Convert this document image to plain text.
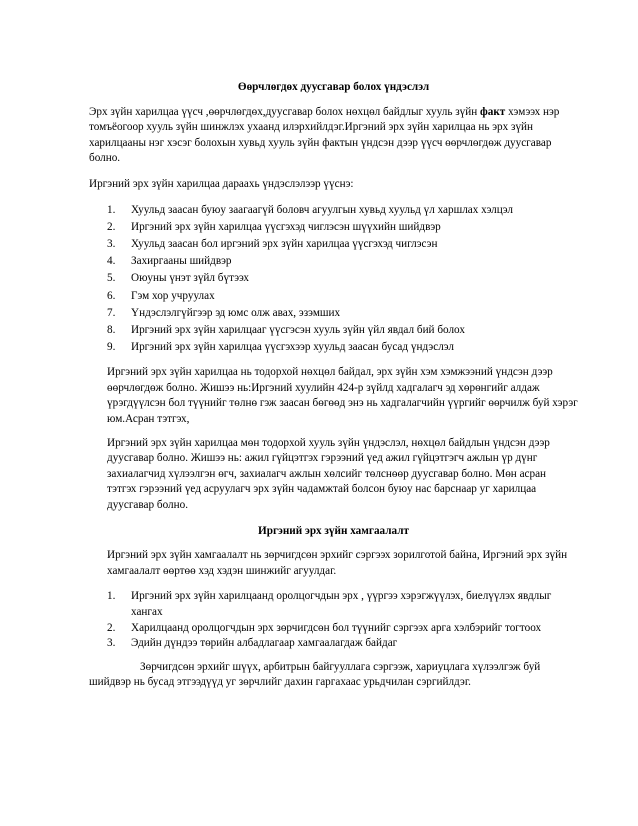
Өөрчлөгдөх дуусгавар болох үндэслэл

Эрх зүйн харилцаа үүсч ,өөрчлөгдөх,дуусгавар болох нөхцөл байдлыг хууль зүйн факт хэмээх нэр томъёогоор хууль зүйн шинжлэх ухаанд илэрхийлдэг.Иргэний эрх зүйн харилцаа нь эрх зүйн харилцааны нэг хэсэг болохын хувьд хууль зүйн фактын үндсэн дээр үүсч өөрчлөгдөж дуусгавар болно.

Иргэний эрх зүйн харилцаа дараахь үндэслэлээр үүснэ:

1.	Хуульд заасан буюу заагаагүй боловч агуулгын хувьд хуульд үл харшлах хэлцэл
2.	Иргэний эрх зүйн харилцаа үүсгэхэд чиглэсэн шүүхийн шийдвэр
3.	Хуульд заасан бол иргэний эрх зүйн харилцаа үүсгэхэд чиглэсэн
4.	Захиргааны шийдвэр
5.	Оюуны үнэт зүйл бүтээх
6.	Гэм хор учруулах
7.	Үндэслэлгүйгээр эд юмс олж авах, эзэмших
8.	Иргэний эрх зүйн харилцааг үүсгэсэн хууль зүйн үйл явдал бий болох
9.	Иргэний эрх зүйн харилцаа үүсгэхээр хуульд заасан бусад үндэслэл

Иргэний эрх зүйн харилцаа нь тодорхой нөхцөл байдал, эрх зүйн хэм хэмжээний үндсэн дээр өөрчлөгдөж болно. Жишээ нь:Иргэний хуулийн 424-р зүйлд хадгалагч эд хөрөнгийг алдаж үрэгдүүлсэн бол түүнийг төлнө гэж заасан бөгөөд энэ нь хадгалагчийн үүргийг өөрчилж буй хэрэг юм.Асран тэтгэх,

Иргэний эрх зүйн харилцаа мөн тодорхой хууль зүйн үндэслэл, нөхцөл байдлын үндсэн дээр дуусгавар болно. Жишээ нь: ажил гүйцэтгэх гэрээний үед ажил гүйцэтгэгч ажлын үр дүнг захиалагчид хүлээлгэн өгч, захиалагч ажлын хөлсийг төлснөөр дуусгавар болно. Мөн асран тэтгэх гэрээний үед асруулагч эрх зүйн чадамжтай болсон буюу нас барснаар уг харилцаа дуусгавар болно.

Иргэний эрх зүйн хамгаалалт

Иргэний эрх зүйн хамгаалалт нь зөрчигдсөн эрхийг сэргээх зорилготой байна, Иргэний эрх зүйн хамгаалалт өөртөө хэд хэдэн шинжийг агуулдаг.

1.	Иргэний эрх зүйн харилцаанд оролцогчдын эрх , үүргээ хэрэгжүүлэх, биелүүлэх явдлыг хангах
2.	Харилцаанд оролцогчдын эрх зөрчигдсөн бол түүнийг сэргээх арга хэлбэрийг тогтоох
3.	Эдийн дүндээ төрийн албадлагаар хамгаалагдаж байдаг

Зөрчигдсөн эрхийг шүүх, арбитрын байгууллага сэргээж, хариуцлага хүлээлгэж буй шийдвэр нь бусад этгээдүүд уг зөрчлийг дахин гаргахаас урьдчилан сэргийлдэг.
